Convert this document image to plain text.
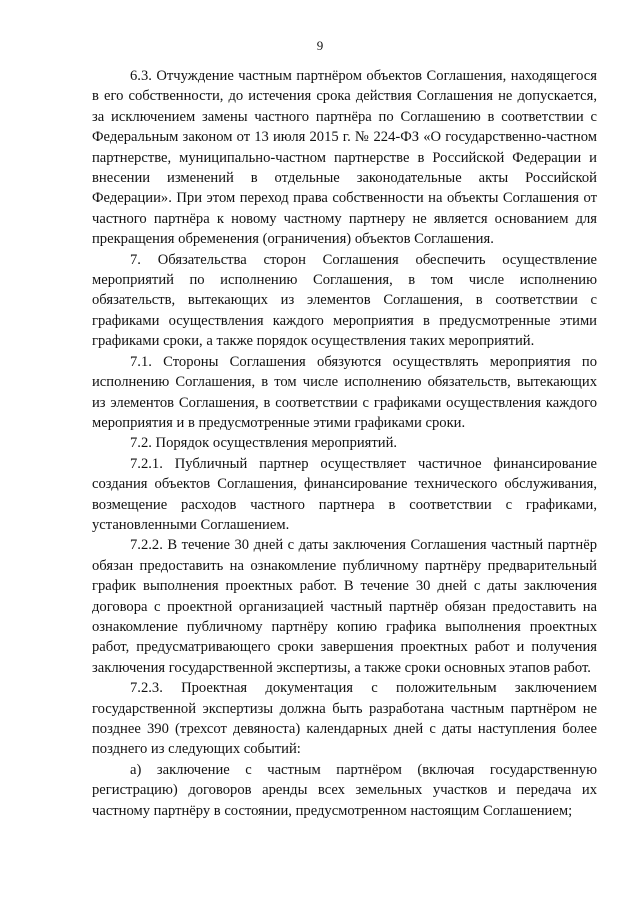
9

6.3. Отчуждение частным партнёром объектов Соглашения, находящегося в его собственности, до истечения срока действия Соглашения не допускается, за исключением замены частного партнёра по Соглашению в соответствии с Федеральным законом от 13 июля 2015 г. № 224-ФЗ «О государственно-частном партнерстве, муниципально-частном партнерстве в Российской Федерации и внесении изменений в отдельные законодательные акты Российской Федерации». При этом переход права собственности на объекты Соглашения от частного партнёра к новому частному партнеру не является основанием для прекращения обременения (ограничения) объектов Соглашения.

7. Обязательства сторон Соглашения обеспечить осуществление мероприятий по исполнению Соглашения, в том числе исполнению обязательств, вытекающих из элементов Соглашения, в соответствии с графиками осуществления каждого мероприятия в предусмотренные этими графиками сроки, а также порядок осуществления таких мероприятий.

7.1. Стороны Соглашения обязуются осуществлять мероприятия по исполнению Соглашения, в том числе исполнению обязательств, вытекающих из элементов Соглашения, в соответствии с графиками осуществления каждого мероприятия и в предусмотренные этими графиками сроки.

7.2. Порядок осуществления мероприятий.

7.2.1. Публичный партнер осуществляет частичное финансирование создания объектов Соглашения, финансирование технического обслуживания, возмещение расходов частного партнера в соответствии с графиками, установленными Соглашением.

7.2.2. В течение 30 дней с даты заключения Соглашения частный партнёр обязан предоставить на ознакомление публичному партнёру предварительный график выполнения проектных работ. В течение 30 дней с даты заключения договора с проектной организацией частный партнёр обязан предоставить на ознакомление публичному партнёру копию графика выполнения проектных работ, предусматривающего сроки завершения проектных работ и получения заключения государственной экспертизы, а также сроки основных этапов работ.

7.2.3. Проектная документация с положительным заключением государственной экспертизы должна быть разработана частным партнёром не позднее 390 (трехсот девяноста) календарных дней с даты наступления более позднего из следующих событий:

а) заключение с частным партнёром (включая государственную регистрацию) договоров аренды всех земельных участков и передача их частному партнёру в состоянии, предусмотренном настоящим Соглашением;
